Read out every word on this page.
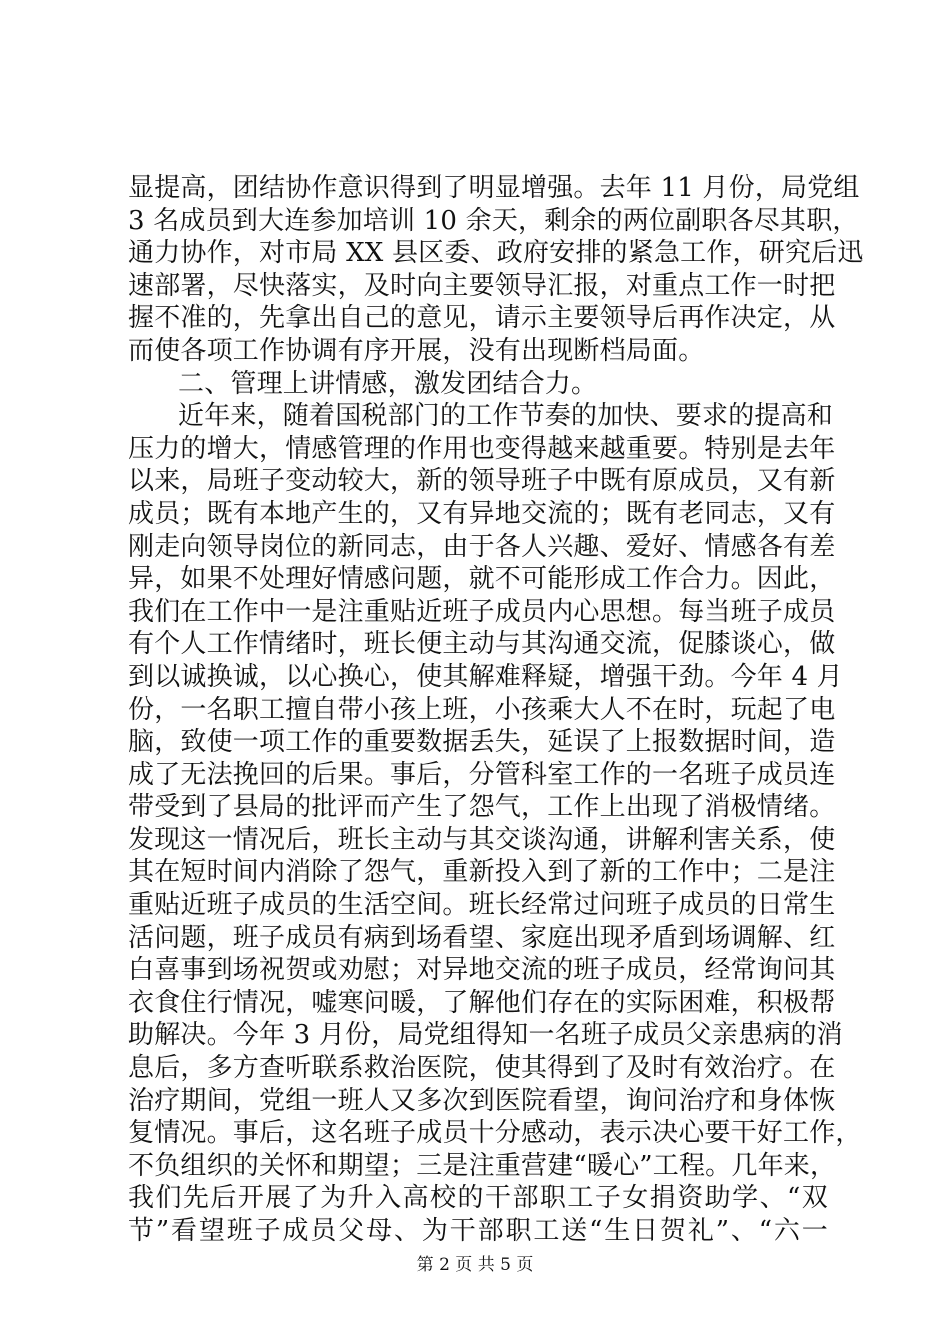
显提高，团结协作意识得到了明显增强。去年 11 月份，局党组
3 名成员到大连参加培训 10 余天，剩余的两位副职各尽其职，
通力协作，对市局 XX 县区委、政府安排的紧急工作，研究后迅
速部署，尽快落实，及时向主要领导汇报，对重点工作一时把
握不准的，先拿出自己的意见，请示主要领导后再作决定，从
而使各项工作协调有序开展，没有出现断档局面。
二、管理上讲情感，激发团结合力。
近年来，随着国税部门的工作节奏的加快、要求的提高和
压力的增大，情感管理的作用也变得越来越重要。特别是去年
以来，局班子变动较大，新的领导班子中既有原成员，又有新
成员；既有本地产生的，又有异地交流的；既有老同志，又有
刚走向领导岗位的新同志，由于各人兴趣、爱好、情感各有差
异，如果不处理好情感问题，就不可能形成工作合力。因此，
我们在工作中一是注重贴近班子成员内心思想。每当班子成员
有个人工作情绪时，班长便主动与其沟通交流，促膝谈心，做
到以诚换诚，以心换心，使其解难释疑，增强干劲。今年 4 月
份，一名职工擅自带小孩上班，小孩乘大人不在时，玩起了电
脑，致使一项工作的重要数据丢失，延误了上报数据时间，造
成了无法挽回的后果。事后，分管科室工作的一名班子成员连
带受到了县局的批评而产生了怨气，工作上出现了消极情绪。
发现这一情况后，班长主动与其交谈沟通，讲解利害关系，使
其在短时间内消除了怨气，重新投入到了新的工作中；二是注
重贴近班子成员的生活空间。班长经常过问班子成员的日常生
活问题，班子成员有病到场看望、家庭出现矛盾到场调解、红
白喜事到场祝贺或劝慰；对异地交流的班子成员，经常询问其
衣食住行情况，嘘寒问暖，了解他们存在的实际困难，积极帮
助解决。今年 3 月份，局党组得知一名班子成员父亲患病的消
息后，多方查听联系救治医院，使其得到了及时有效治疗。在
治疗期间，党组一班人又多次到医院看望，询问治疗和身体恢
复情况。事后，这名班子成员十分感动，表示决心要干好工作，
不负组织的关怀和期望；三是注重营建“暖心”工程。几年来，
我们先后开展了为升入高校的干部职工子女捐资助学、“双
节”看望班子成员父母、为干部职工送“生日贺礼”、“六一
第 2 页 共 5 页
